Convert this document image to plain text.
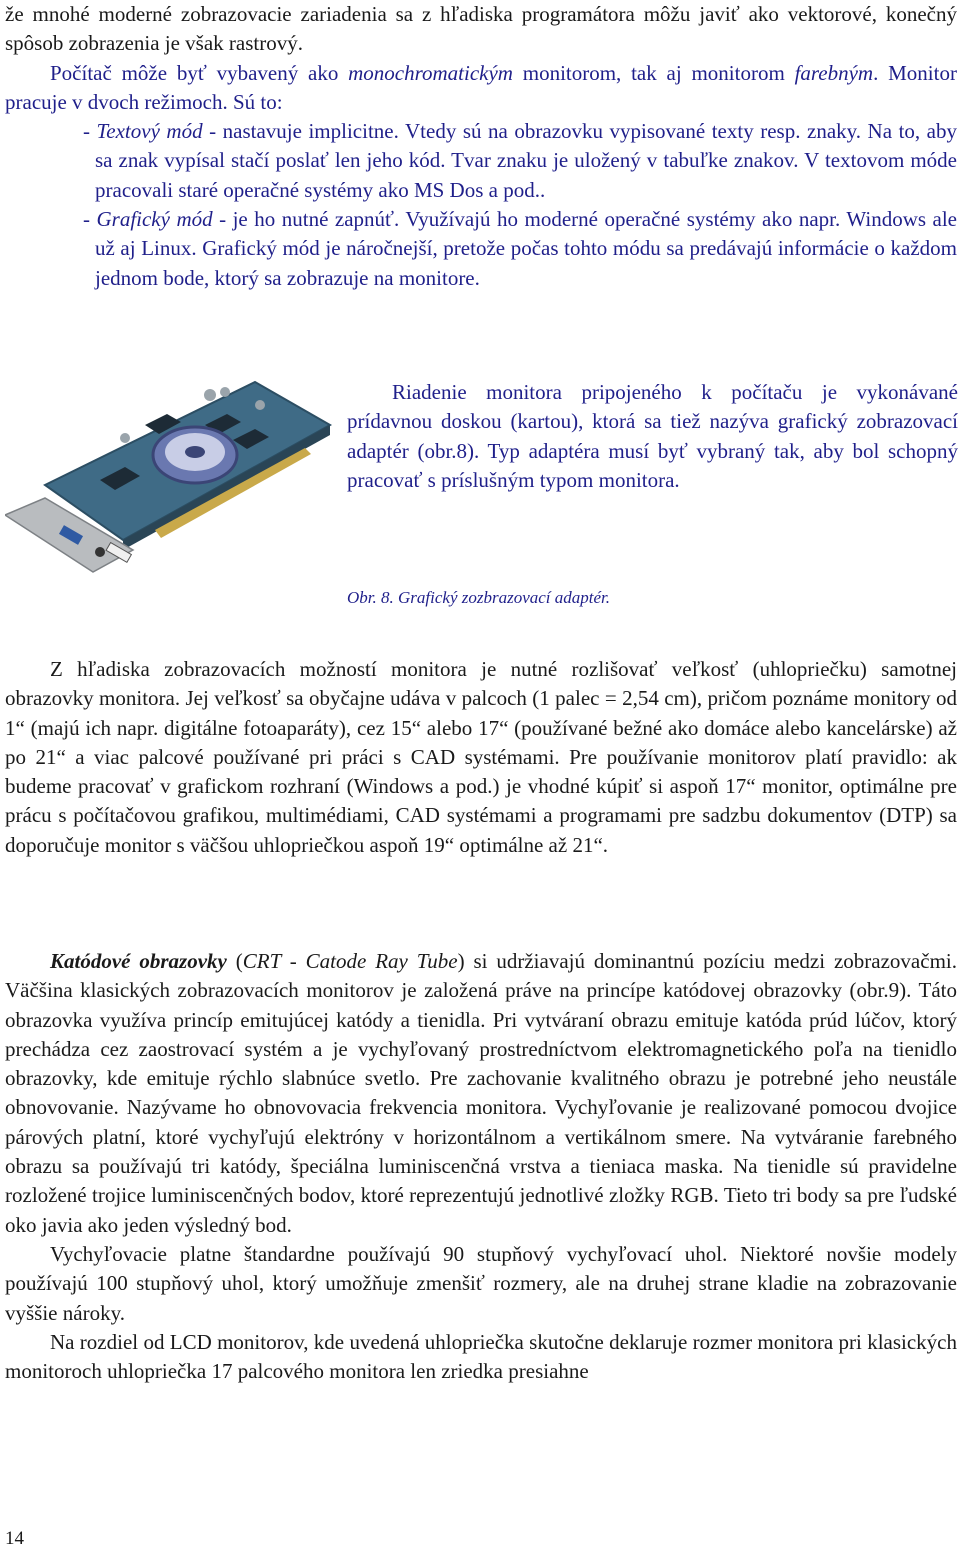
že mnohé moderné zobrazovacie zariadenia sa z hľadiska programátora môžu javiť ako vektorové, konečný spôsob zobrazenia je však rastrový.

Počítač môže byť vybavený ako monochromatickým monitorom, tak aj monitorom farebným. Monitor pracuje v dvoch režimoch. Sú to:

- Textový mód - nastavuje implicitne. Vtedy sú na obrazovku vypisované texty resp. znaky. Na to, aby sa znak vypísal stačí poslať len jeho kód. Tvar znaku je uložený v tabuľke znakov. V textovom móde pracovali staré operačné systémy ako MS Dos a pod..

- Grafický mód - je ho nutné zapnúť. Využívajú ho moderné operačné systémy ako napr. Windows ale už aj Linux. Grafický mód je náročnejší, pretože počas tohto módu sa predávajú informácie o každom jednom bode, ktorý sa zobrazuje na monitore.

Riadenie monitora pripojeného k počítaču je vykonávané prídavnou doskou (kartou), ktorá sa tiež nazýva grafický zobrazovací adaptér (obr.8). Typ adaptéra musí byť vybraný tak, aby bol schopný pracovať s príslušným typom monitora.

Obr. 8. Grafický zozbrazovací adaptér.

Z hľadiska zobrazovacích možností monitora je nutné rozlišovať veľkosť (uhlopriečku) samotnej obrazovky monitora. Jej veľkosť sa obyčajne udáva v palcoch (1 palec = 2,54 cm), pričom poznáme monitory od 1“ (majú ich napr. digitálne fotoaparáty), cez 15“ alebo 17“ (používané bežné ako domáce alebo kancelárske) až po 21“ a viac palcové používané pri práci s CAD systémami. Pre používanie monitorov platí pravidlo: ak budeme pracovať v grafickom rozhraní (Windows a pod.) je vhodné kúpiť si aspoň 17“ monitor, optimálne pre prácu s počítačovou grafikou, multimédiami, CAD systémami a programami pre sadzbu dokumentov (DTP) sa doporučuje monitor s väčšou uhlopriečkou aspoň 19“ optimálne až 21“.

Katódové obrazovky (CRT - Catode Ray Tube) si udržiavajú dominantnú pozíciu medzi zobrazovačmi. Väčšina klasických zobrazovacích monitorov je založená práve na princípe katódovej obrazovky (obr.9). Táto obrazovka využíva princíp emitujúcej katódy a tienidla. Pri vytváraní obrazu emituje katóda prúd lúčov, ktorý prechádza cez zaostrovací systém a je vychyľovaný prostredníctvom elektromagnetického poľa na tienidlo obrazovky, kde emituje rýchlo slabnúce svetlo. Pre zachovanie kvalitného obrazu je potrebné jeho neustále obnovovanie. Nazývame ho obnovovacia frekvencia monitora. Vychyľovanie je realizované pomocou dvojice párových platní, ktoré vychyľujú elektróny v horizontálnom a vertikálnom smere. Na vytváranie farebného obrazu sa používajú tri katódy, špeciálna luminiscenčná vrstva a tieniaca maska. Na tienidle sú pravidelne rozložené trojice luminiscenčných bodov, ktoré reprezentujú jednotlivé zložky RGB. Tieto tri body sa pre ľudské oko javia ako jeden výsledný bod.

Vychyľovacie platne štandardne používajú 90 stupňový vychyľovací uhol. Niektoré novšie modely používajú 100 stupňový uhol, ktorý umožňuje zmenšiť rozmery, ale na druhej strane kladie na zobrazovanie vyššie nároky.

Na rozdiel od LCD monitorov, kde uvedená uhlopriečka skutočne deklaruje rozmer monitora pri klasických monitoroch uhlopriečka 17 palcového monitora len zriedka presiahne

14
